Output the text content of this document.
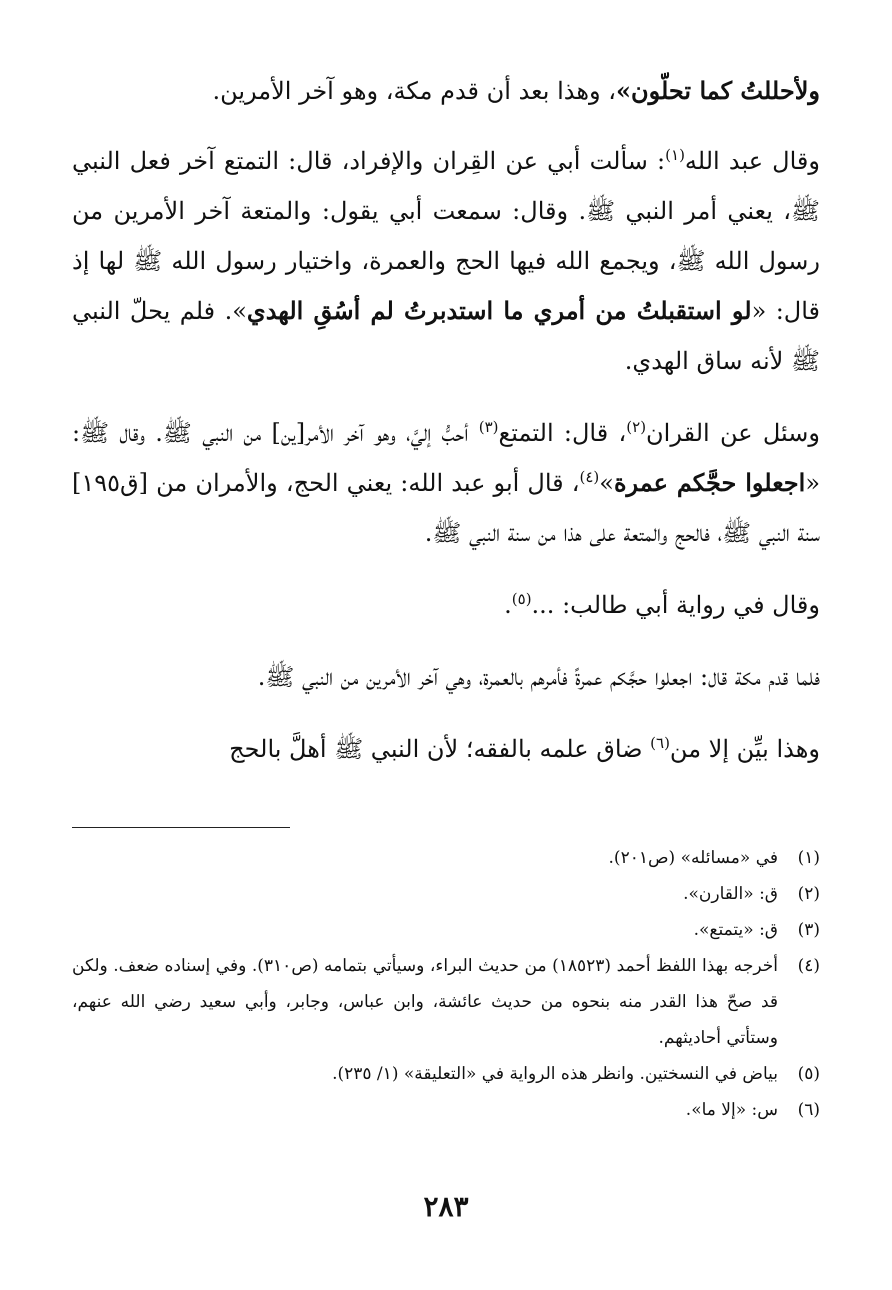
ولأحللتُ كما تحلّون»، وهذا بعد أن قدم مكة، وهو آخر الأمرين.

وقال عبد الله$^{(١)}$: سألت أبي عن القِران والإفراد، قال: التمتع آخر فعل النبي ﷺ، يعني أمر النبي ﷺ. وقال: سمعت أبي يقول: والمتعة آخر الأمرين من رسول الله ﷺ، ويجمع الله فيها الحج والعمرة، واختيار رسول الله ﷺ لها إذ قال: «لو استقبلتُ من أمري ما استدبرتُ لم أسُقِ الهدي». فلم يحلّ النبي ﷺ لأنه ساق الهدي.

وسئل عن القران$^{(٢)}$، قال: التمتع$^{(٣)}$ أحبُّ إليَّ، وهو آخر الأمر[ين] من النبي ﷺ. وقال ﷺ: «اجعلوا حجَّكم عمرة»$^{(٤)}$، قال أبو عبد الله: يعني الحج، والأمران من [ق١٩٥] سنة النبي ﷺ، فالحج والمتعة على هذا من سنة النبي ﷺ.

وقال في رواية أبي طالب: ...$^{(٥)}$.

فلما قدم مكة قال: اجعلوا حجَّكم عمرةً فأمرهم بالعمرة، وهي آخر الأمرين من النبي ﷺ.

وهذا بيِّن إلا من$^{(٦)}$ ضاق علمه بالفقه؛ لأن النبي ﷺ أهلَّ بالحج

(١)
في «مسائله» (ص٢٠١).
(٢)
ق: «القارن».
(٣)
ق: «يتمتع».
(٤)
أخرجه بهذا اللفظ أحمد (١٨٥٢٣) من حديث البراء، وسيأتي بتمامه (ص٣١٠). وفي إسناده ضعف. ولكن قد صحّ هذا القدر منه بنحوه من حديث عائشة، وابن عباس، وجابر، وأبي سعيد رضي الله عنهم، وستأتي أحاديثهم.
(٥)
بياض في النسختين. وانظر هذه الرواية في «التعليقة» (١/ ٢٣٥).
(٦)
س: «إلا ما».
٢٨٣
